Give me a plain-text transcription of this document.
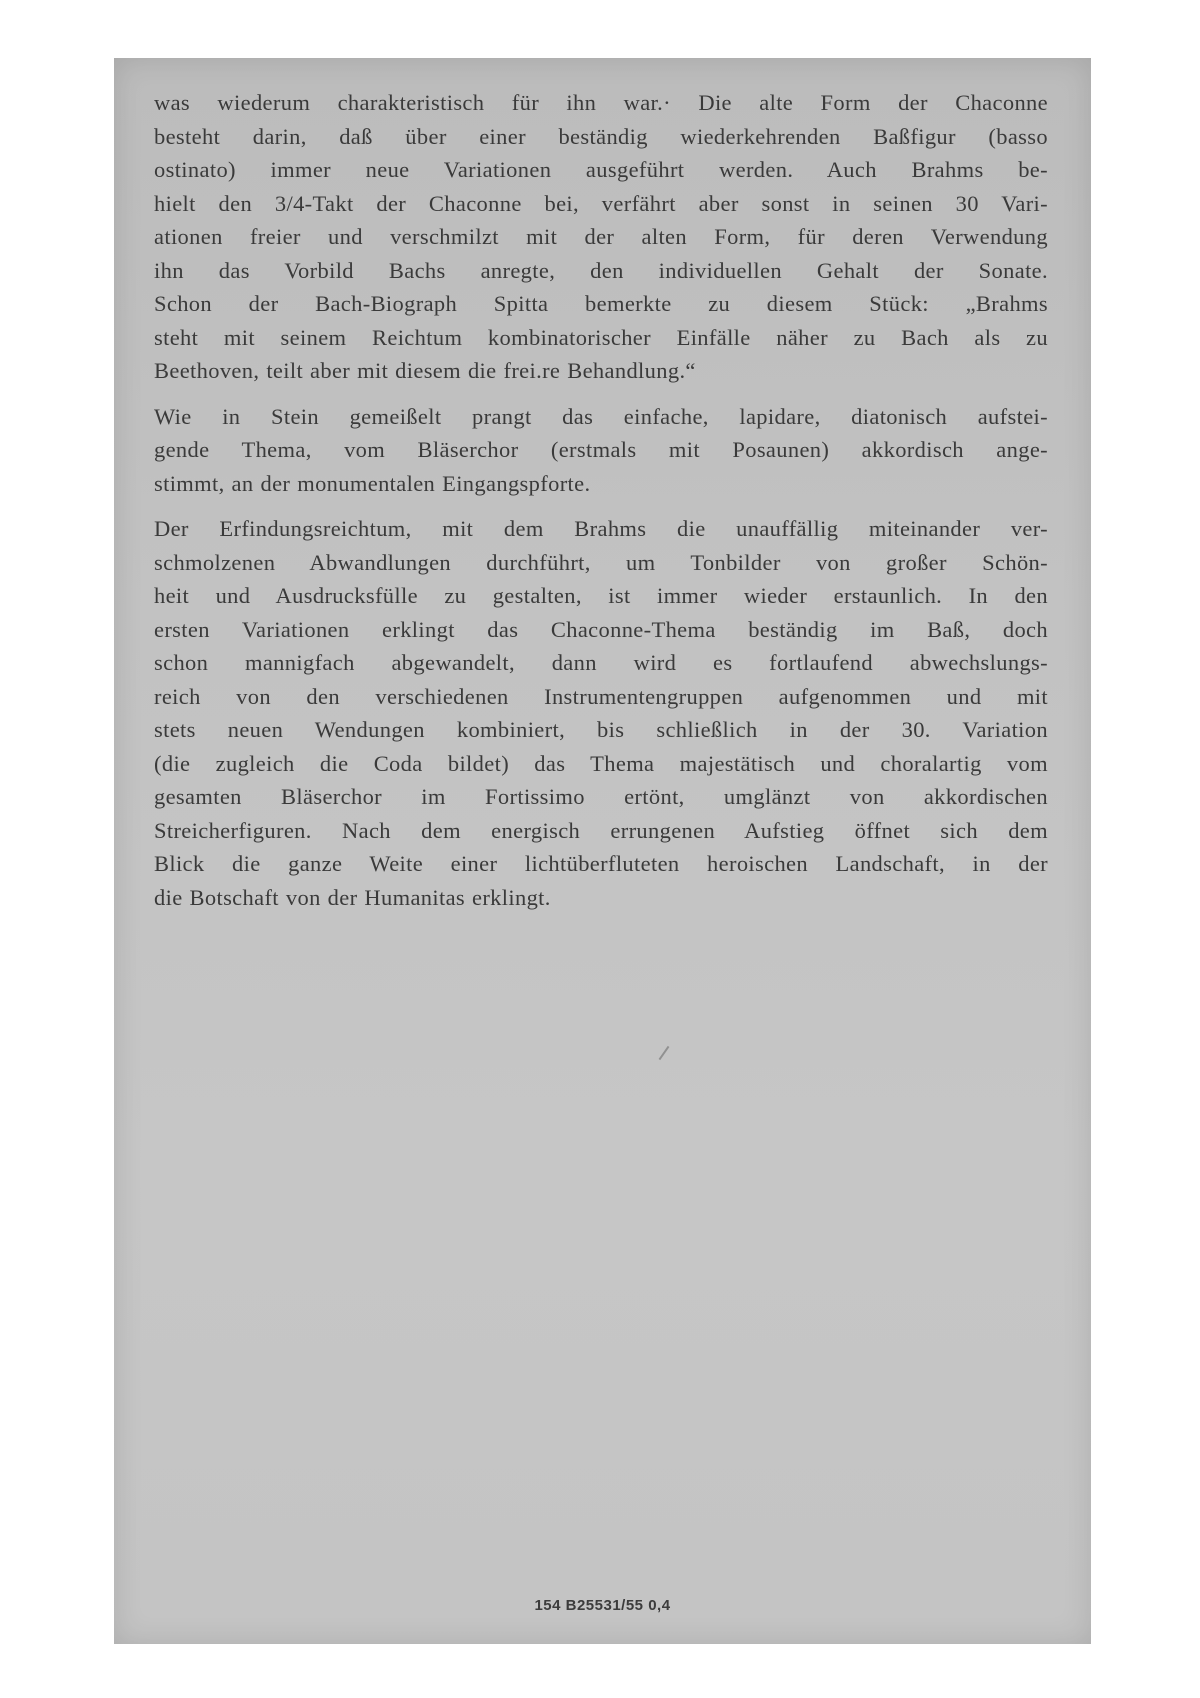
was wiederum charakteristisch für ihn war.· Die alte Form der Chaconne
besteht darin, daß über einer beständig wiederkehrenden Baßfigur (basso
ostinato) immer neue Variationen ausgeführt werden. Auch Brahms be-
hielt den 3/4-Takt der Chaconne bei, verfährt aber sonst in seinen 30 Vari-
ationen freier und verschmilzt mit der alten Form, für deren Verwendung
ihn das Vorbild Bachs anregte, den individuellen Gehalt der Sonate.
Schon der Bach-Biograph Spitta bemerkte zu diesem Stück: „Brahms
steht mit seinem Reichtum kombinatorischer Einfälle näher zu Bach als zu
Beethoven, teilt aber mit diesem die frei.re Behandlung.“

Wie in Stein gemeißelt prangt das einfache, lapidare, diatonisch aufstei-
gende Thema, vom Bläserchor (erstmals mit Posaunen) akkordisch ange-
stimmt, an der monumentalen Eingangspforte.

Der Erfindungsreichtum, mit dem Brahms die unauffällig miteinander ver-
schmolzenen Abwandlungen durchführt, um Tonbilder von großer Schön-
heit und Ausdrucksfülle zu gestalten, ist immer wieder erstaunlich. In den
ersten Variationen erklingt das Chaconne-Thema beständig im Baß, doch
schon mannigfach abgewandelt, dann wird es fortlaufend abwechslungs-
reich von den verschiedenen Instrumentengruppen aufgenommen und mit
stets neuen Wendungen kombiniert, bis schließlich in der 30. Variation
(die zugleich die Coda bildet) das Thema majestätisch und choralartig vom
gesamten Bläserchor im Fortissimo ertönt, umglänzt von akkordischen
Streicherfiguren. Nach dem energisch errungenen Aufstieg öffnet sich dem
Blick die ganze Weite einer lichtüberfluteten heroischen Landschaft, in der
die Botschaft von der Humanitas erklingt.

154 B25531/55 0,4
